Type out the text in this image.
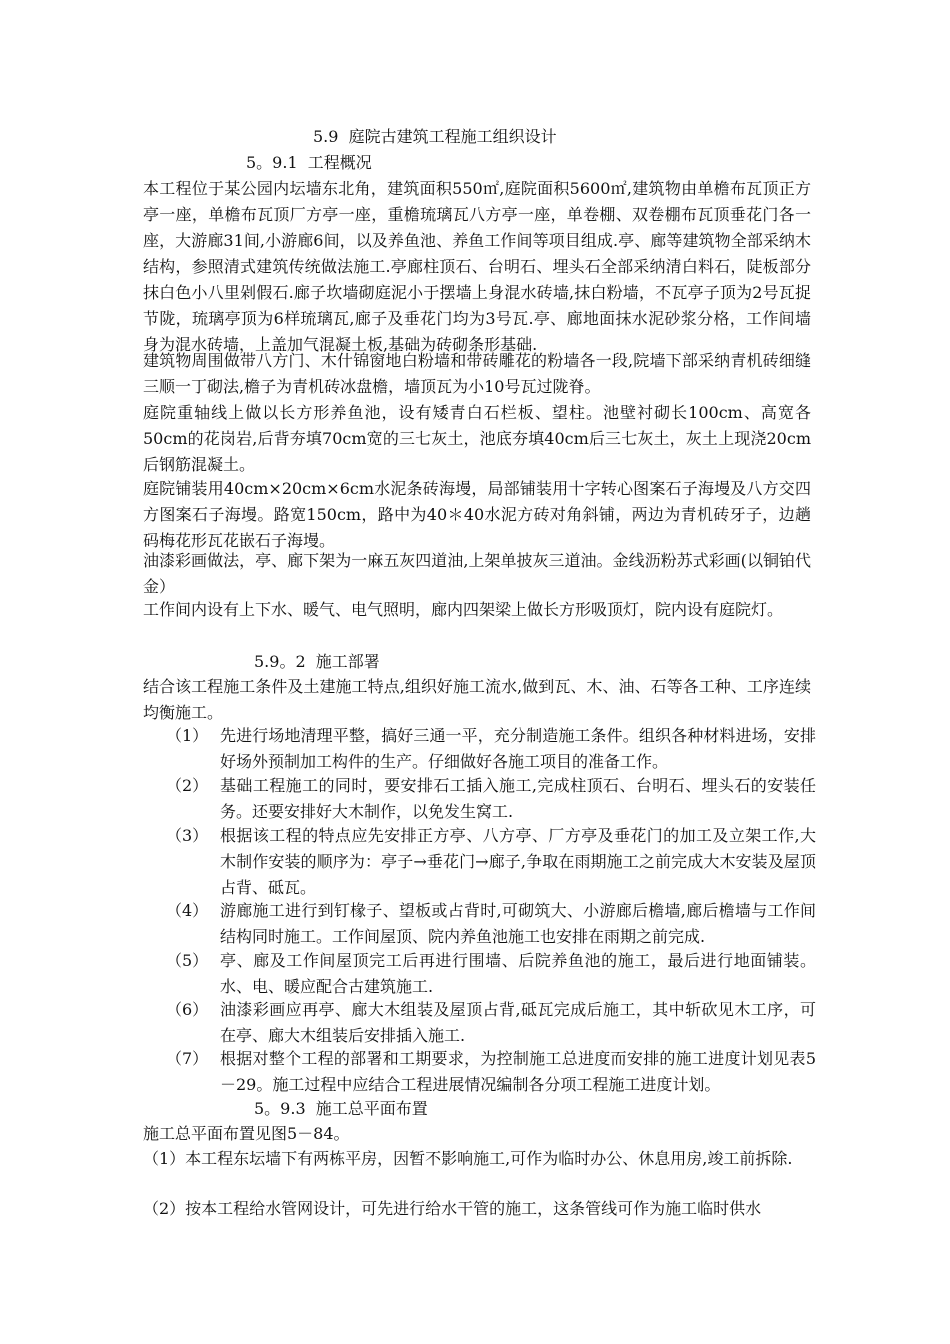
5.9  庭院古建筑工程施工组织设计
5。9.1  工程概况
本工程位于某公园内坛墙东北角，建筑面积550㎡,庭院面积5600㎡,建筑物由单檐布瓦顶正方亭一座，单檐布瓦顶厂方亭一座，重檐琉璃瓦八方亭一座，单卷棚、双卷棚布瓦顶垂花门各一座，大游廊31间,小游廊6间，以及养鱼池、养鱼工作间等项目组成.亭、廊等建筑物全部采纳木结构，参照清式建筑传统做法施工.亭廊柱顶石、台明石、埋头石全部采纳清白料石，陡板部分抹白色小八里剁假石.廊子坎墙砌庭泥小于摆墙上身混水砖墙,抹白粉墙，不瓦亭子顶为2号瓦捉节陇，琉璃亭顶为6样琉璃瓦,廊子及垂花门均为3号瓦.亭、廊地面抹水泥砂浆分格，工作间墙身为混水砖墙，上盖加气混凝土板,基础为砖砌条形基础.
建筑物周围做带八方门、木什锦窗地白粉墙和带砖雕花的粉墙各一段,院墙下部采纳青机砖细缝三顺一丁砌法,檐子为青机砖冰盘檐，墙顶瓦为小10号瓦过陇脊。
庭院重轴线上做以长方形养鱼池，设有矮青白石栏板、望柱。池壁衬砌长100cm、高宽各50cm的花岗岩,后背夯填70cm宽的三七灰土，池底夯填40cm后三七灰土，灰土上现浇20cm后钢筋混凝土。
庭院铺装用40cm×20cm×6cm水泥条砖海墁，局部铺装用十字转心图案石子海墁及八方交四方图案石子海墁。路宽150cm，路中为40＊40水泥方砖对角斜铺，两边为青机砖牙子，边趟码梅花形瓦花嵌石子海墁。
油漆彩画做法，亭、廊下架为一麻五灰四道油,上架单披灰三道油。金线沥粉苏式彩画(以铜铂代金）
工作间内设有上下水、暖气、电气照明，廊内四架梁上做长方形吸顶灯，院内设有庭院灯。
5.9。2  施工部署
结合该工程施工条件及土建施工特点,组织好施工流水,做到瓦、木、油、石等各工种、工序连续均衡施工。
（1） 先进行场地清理平整，搞好三通一平，充分制造施工条件。组织各种材料进场，安排好场外预制加工构件的生产。仔细做好各施工项目的准备工作。
（2） 基础工程施工的同时，要安排石工插入施工,完成柱顶石、台明石、埋头石的安装任务。还要安排好大木制作，以免发生窝工.
（3） 根据该工程的特点应先安排正方亭、八方亭、厂方亭及垂花门的加工及立架工作,大木制作安装的顺序为：亭子→垂花门→廊子,争取在雨期施工之前完成大木安装及屋顶占背、砥瓦。
（4） 游廊施工进行到钉椽子、望板或占背时,可砌筑大、小游廊后檐墙,廊后檐墙与工作间结构同时施工。工作间屋顶、院内养鱼池施工也安排在雨期之前完成.
（5） 亭、廊及工作间屋顶完工后再进行围墙、后院养鱼池的施工，最后进行地面铺装。水、电、暖应配合古建筑施工.
（6） 油漆彩画应再亭、廊大木组装及屋顶占背,砥瓦完成后施工，其中斩砍见木工序，可在亭、廊大木组装后安排插入施工.
（7） 根据对整个工程的部署和工期要求，为控制施工总进度而安排的施工进度计划见表5－29。施工过程中应结合工程进展情况编制各分项工程施工进度计划。
5。9.3  施工总平面布置
施工总平面布置见图5－84。
（1）本工程东坛墙下有两栋平房，因暂不影响施工,可作为临时办公、休息用房,竣工前拆除.
（2）按本工程给水管网设计，可先进行给水干管的施工，这条管线可作为施工临时供水
